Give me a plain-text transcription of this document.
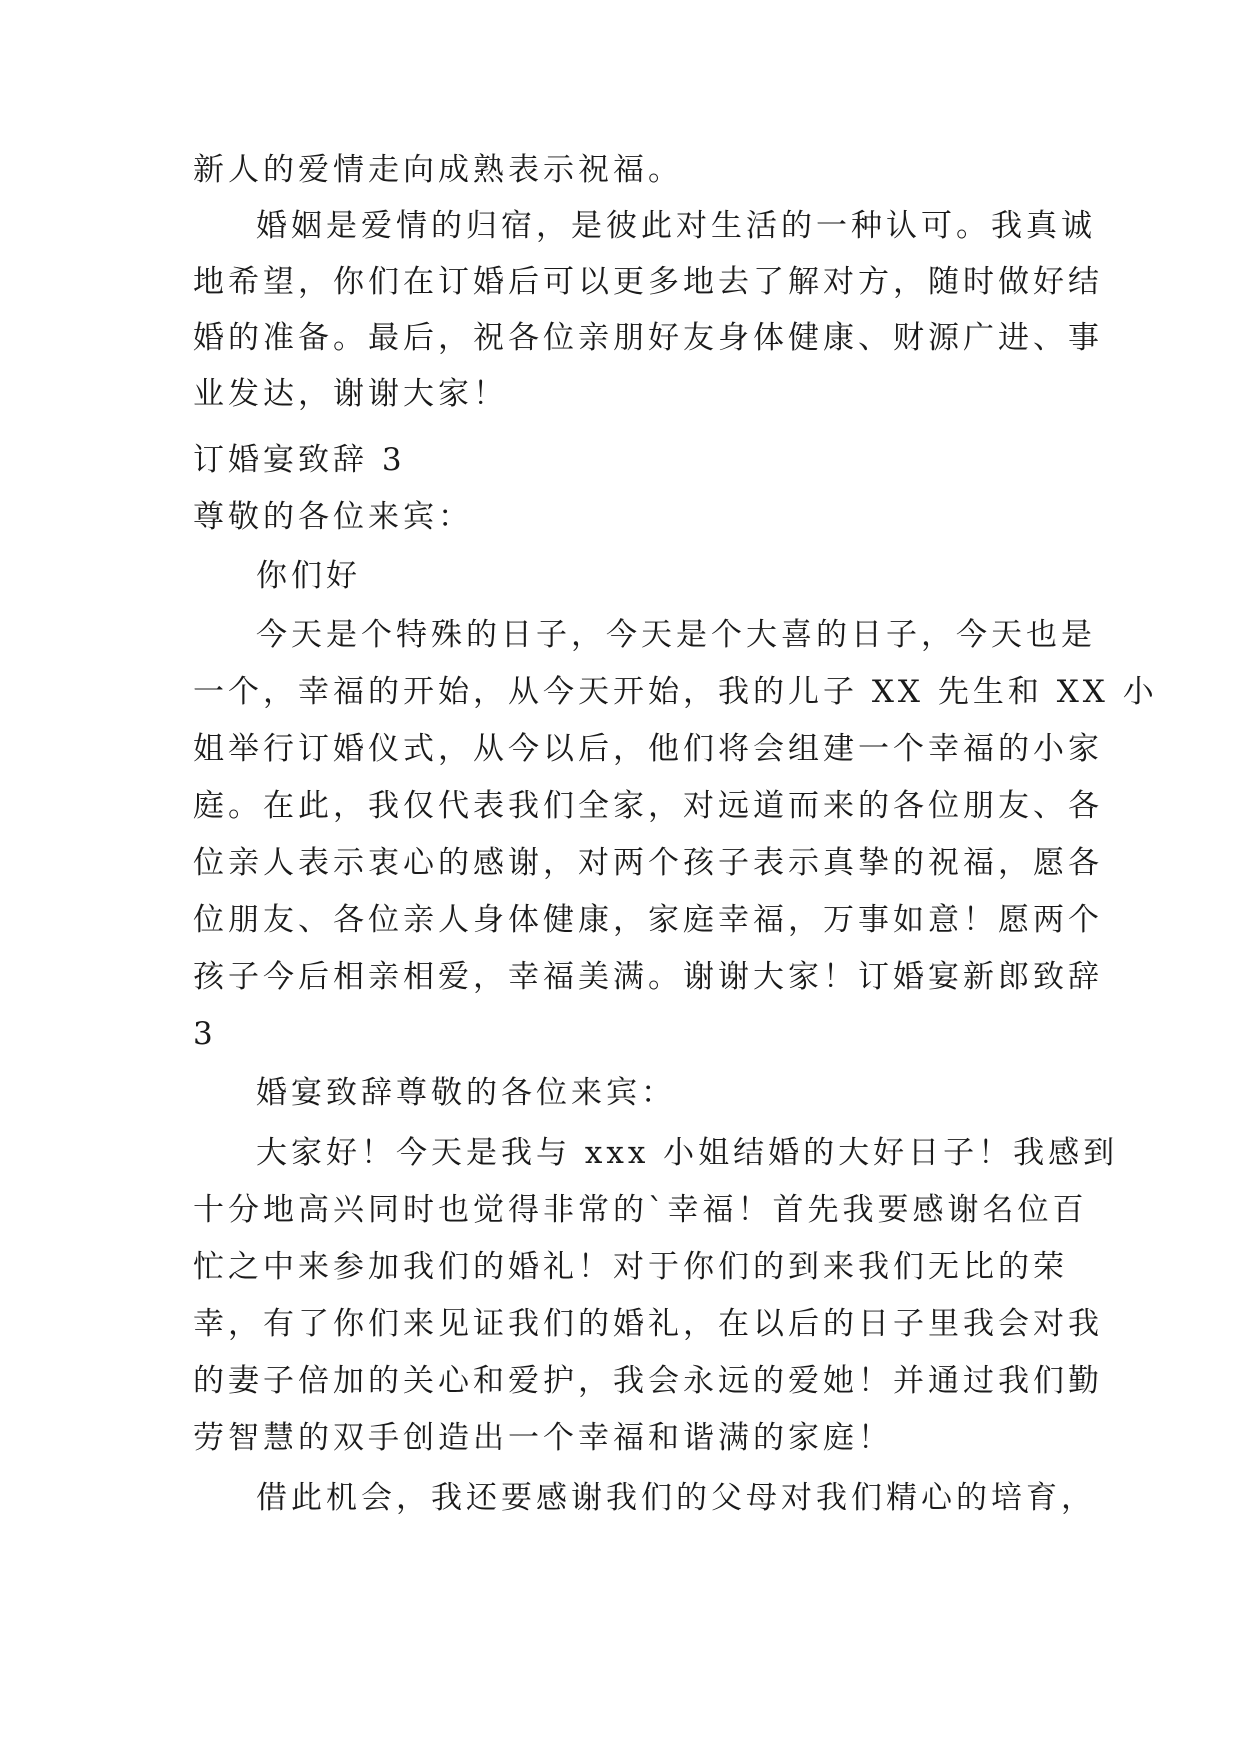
新人的爱情走向成熟表示祝福。

婚姻是爱情的归宿，是彼此对生活的一种认可。我真诚

地希望，你们在订婚后可以更多地去了解对方，随时做好结

婚的准备。最后，祝各位亲朋好友身体健康、财源广进、事

业发达，谢谢大家！

订婚宴致辞 3

尊敬的各位来宾：

你们好

今天是个特殊的日子，今天是个大喜的日子，今天也是

一个，幸福的开始，从今天开始，我的儿子 XX 先生和 XX 小

姐举行订婚仪式，从今以后，他们将会组建一个幸福的小家

庭。在此，我仅代表我们全家，对远道而来的各位朋友、各

位亲人表示衷心的感谢，对两个孩子表示真挚的祝福，愿各

位朋友、各位亲人身体健康，家庭幸福，万事如意！愿两个

孩子今后相亲相爱，幸福美满。谢谢大家！订婚宴新郎致辞

3

婚宴致辞尊敬的各位来宾：

大家好！今天是我与 xxx 小姐结婚的大好日子！我感到

十分地高兴同时也觉得非常的`幸福！首先我要感谢名位百

忙之中来参加我们的婚礼！对于你们的到来我们无比的荣

幸，有了你们来见证我们的婚礼，在以后的日子里我会对我

的妻子倍加的关心和爱护，我会永远的爱她！并通过我们勤

劳智慧的双手创造出一个幸福和谐满的家庭！

借此机会，我还要感谢我们的父母对我们精心的培育，
